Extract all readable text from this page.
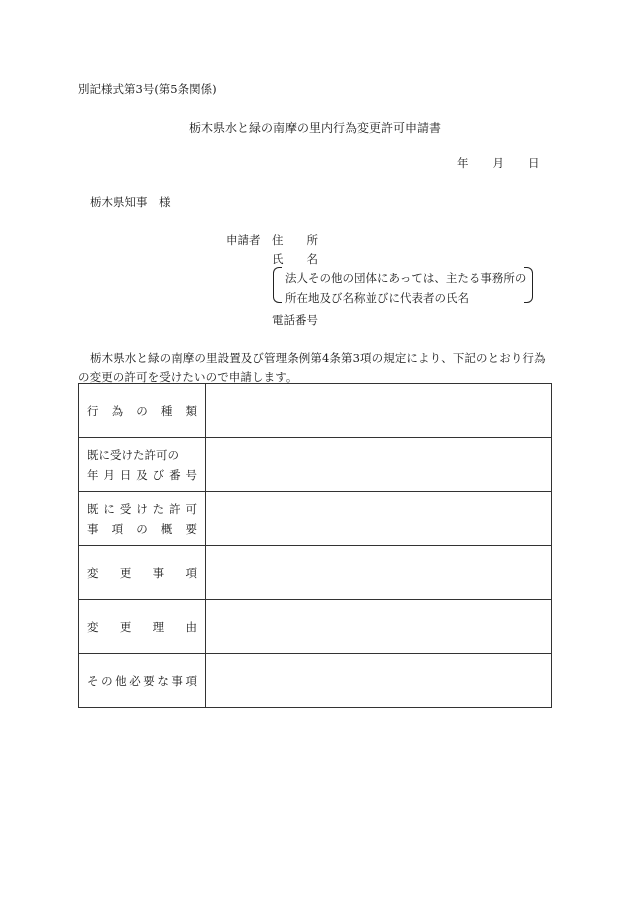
別記様式第3号(第5条関係)
栃木県水と緑の南摩の里内行為変更許可申請書
年 月 日
栃木県知事　様
申請者 住　　所
氏　　名
法人その他の団体にあっては、主たる事務所の
所在地及び名称並びに代表者の氏名
電話番号
栃木県水と緑の南摩の里設置及び管理条例第4条第3項の規定により、下記のとおり行為の変更の許可を受けたいので申請します。
行為の種類	

既に受けた許可の
年月日及び番号	

既に受けた許可
事項の概要	

変更事項	

変更理由	

その他必要な事項	
